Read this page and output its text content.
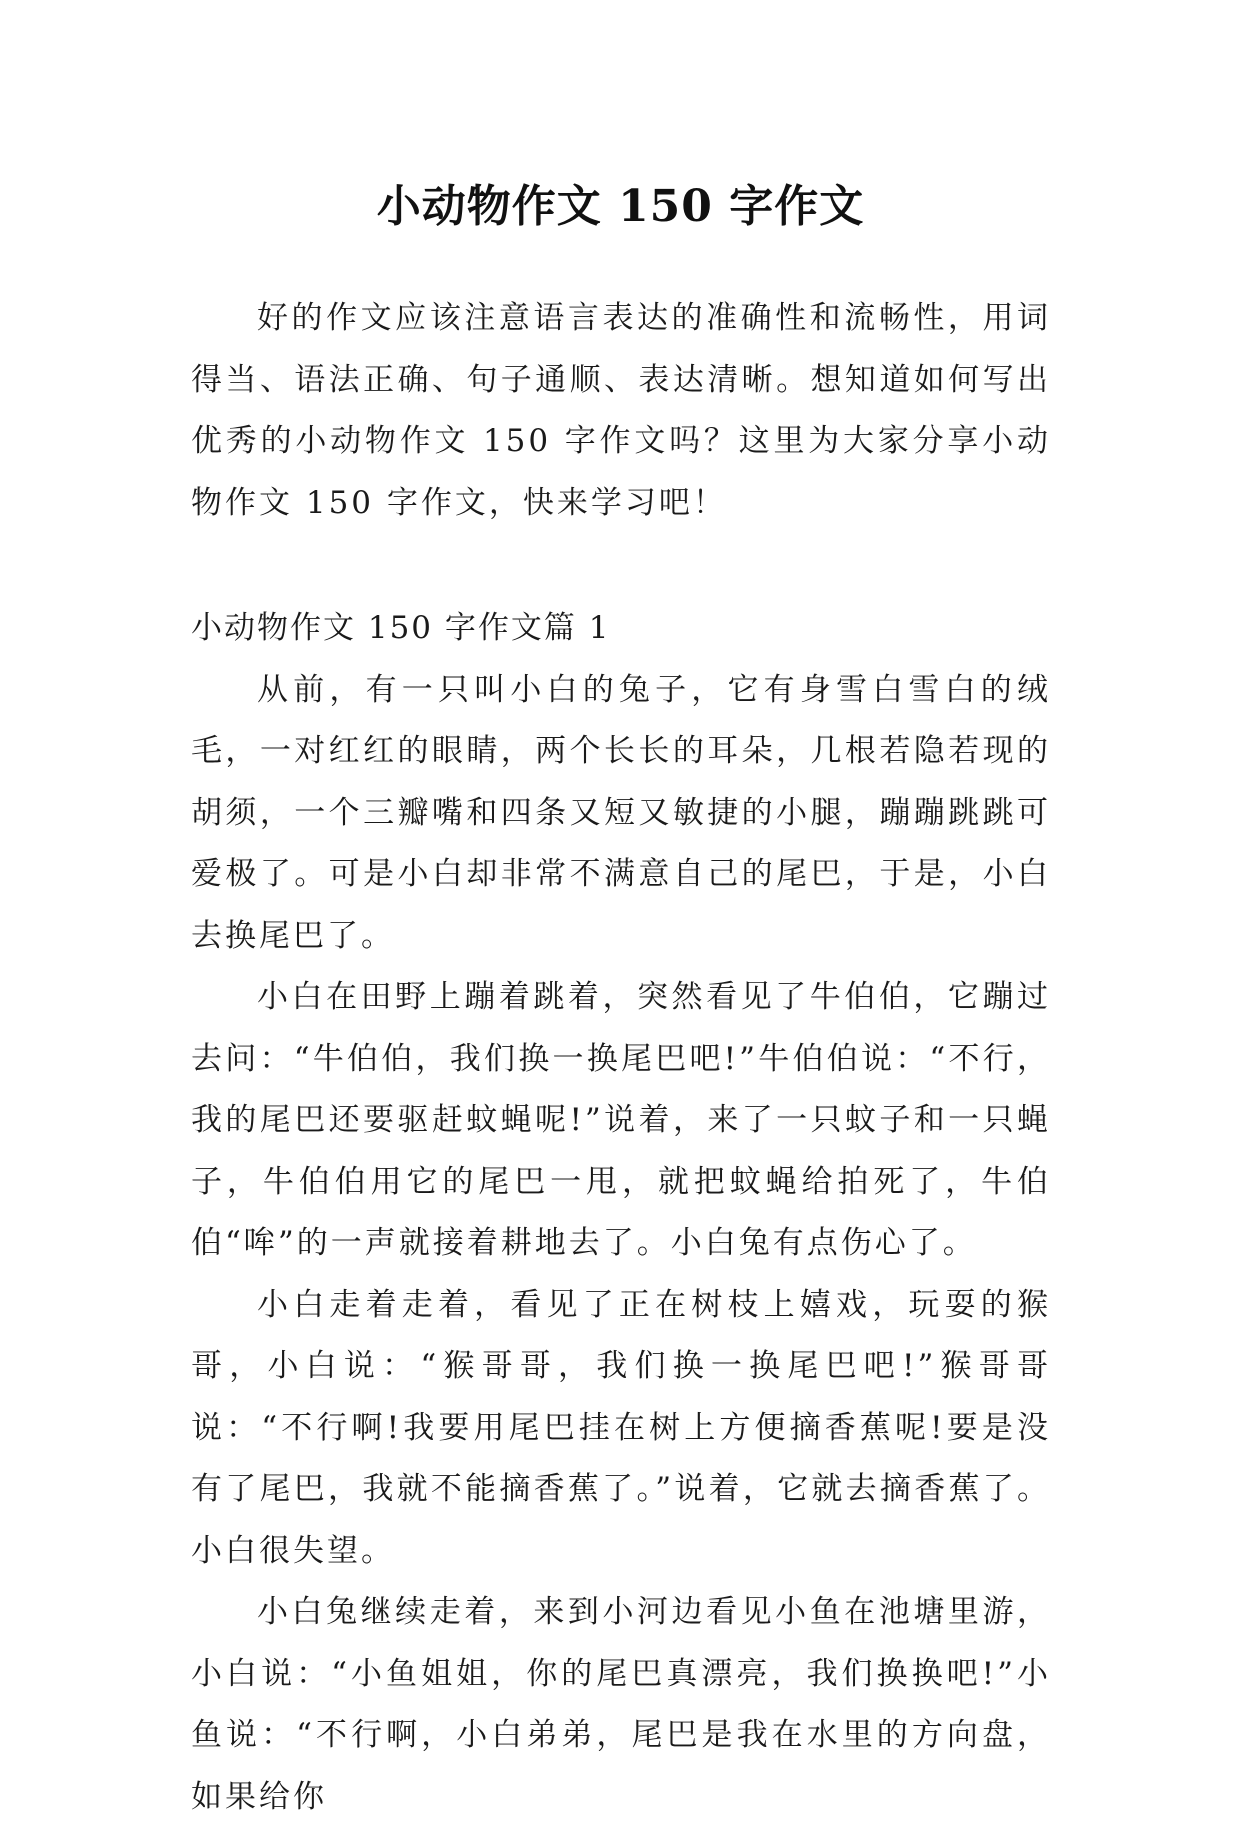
小动物作文 150 字作文

好的作文应该注意语言表达的准确性和流畅性，用词得当、语法正确、句子通顺、表达清晰。想知道如何写出优秀的小动物作文 150 字作文吗？这里为大家分享小动物作文 150 字作文，快来学习吧！

小动物作文 150 字作文篇 1

从前，有一只叫小白的兔子，它有身雪白雪白的绒毛，一对红红的眼睛，两个长长的耳朵，几根若隐若现的胡须，一个三瓣嘴和四条又短又敏捷的小腿，蹦蹦跳跳可爱极了。可是小白却非常不满意自己的尾巴，于是，小白去换尾巴了。

小白在田野上蹦着跳着，突然看见了牛伯伯，它蹦过去问：“牛伯伯，我们换一换尾巴吧!”牛伯伯说：“不行，我的尾巴还要驱赶蚊蝇呢!”说着，来了一只蚊子和一只蝇子，牛伯伯用它的尾巴一甩，就把蚊蝇给拍死了，牛伯伯“哞”的一声就接着耕地去了。小白兔有点伤心了。

小白走着走着，看见了正在树枝上嬉戏，玩耍的猴哥，小白说：“猴哥哥，我们换一换尾巴吧!”猴哥哥说：“不行啊!我要用尾巴挂在树上方便摘香蕉呢!要是没有了尾巴，我就不能摘香蕉了。”说着，它就去摘香蕉了。小白很失望。

小白兔继续走着，来到小河边看见小鱼在池塘里游，小白说：“小鱼姐姐，你的尾巴真漂亮，我们换换吧!”小鱼说：“不行啊，小白弟弟，尾巴是我在水里的方向盘，如果给你
